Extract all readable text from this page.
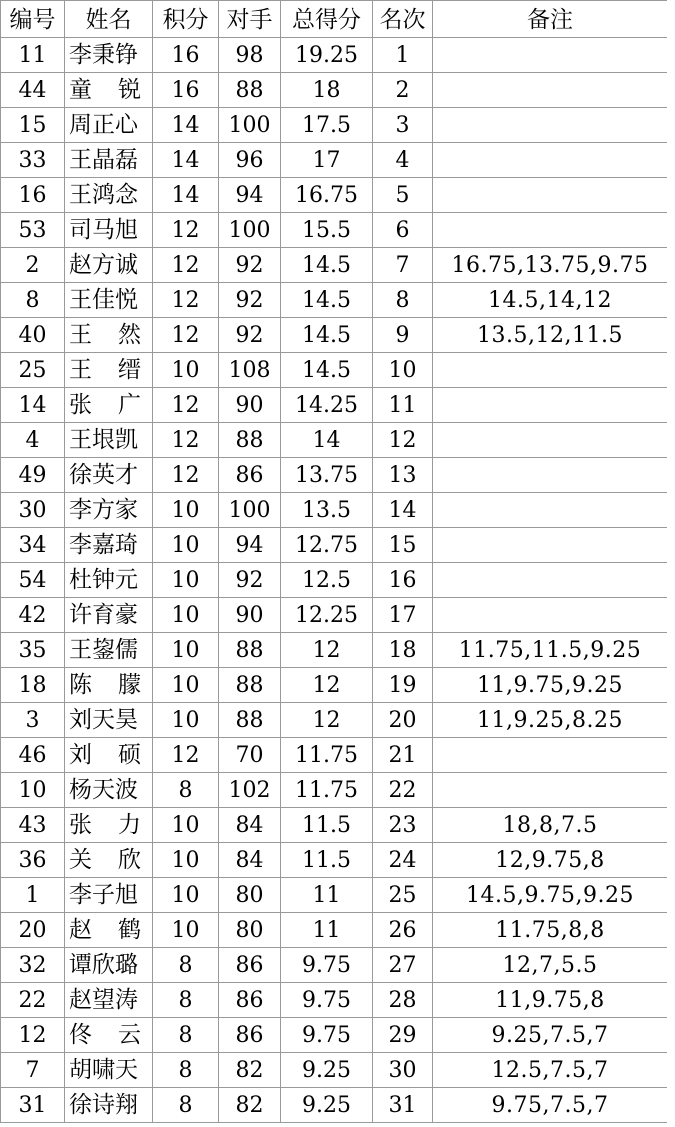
编号	姓名	积分	对手	总得分	名次	备注
11	李秉铮	16	98	19.25	1	
44	童 锐	16	88	18	2	
15	周正心	14	100	17.5	3	
33	王晶磊	14	96	17	4	
16	王鸿念	14	94	16.75	5	
53	司马旭	12	100	15.5	6	
2	赵方诚	12	92	14.5	7	16.75,13.75,9.75
8	王佳悦	12	92	14.5	8	14.5,14,12
40	王 然	12	92	14.5	9	13.5,12,11.5
25	王 缙	10	108	14.5	10	
14	张 广	12	90	14.25	11	
4	王垠凯	12	88	14	12	
49	徐英才	12	86	13.75	13	
30	李方家	10	100	13.5	14	
34	李嘉琦	10	94	12.75	15	
54	杜钟元	10	92	12.5	16	
42	许育豪	10	90	12.25	17	
35	王鋆儒	10	88	12	18	11.75,11.5,9.25
18	陈 朦	10	88	12	19	11,9.75,9.25
3	刘天昊	10	88	12	20	11,9.25,8.25
46	刘 硕	12	70	11.75	21	
10	杨天波	8	102	11.75	22	
43	张 力	10	84	11.5	23	18,8,7.5
36	关 欣	10	84	11.5	24	12,9.75,8
1	李子旭	10	80	11	25	14.5,9.75,9.25
20	赵 鹤	10	80	11	26	11.75,8,8
32	谭欣璐	8	86	9.75	27	12,7,5.5
22	赵望涛	8	86	9.75	28	11,9.75,8
12	佟 云	8	86	9.75	29	9.25,7.5,7
7	胡啸天	8	82	9.25	30	12.5,7.5,7
31	徐诗翔	8	82	9.25	31	9.75,7.5,7
